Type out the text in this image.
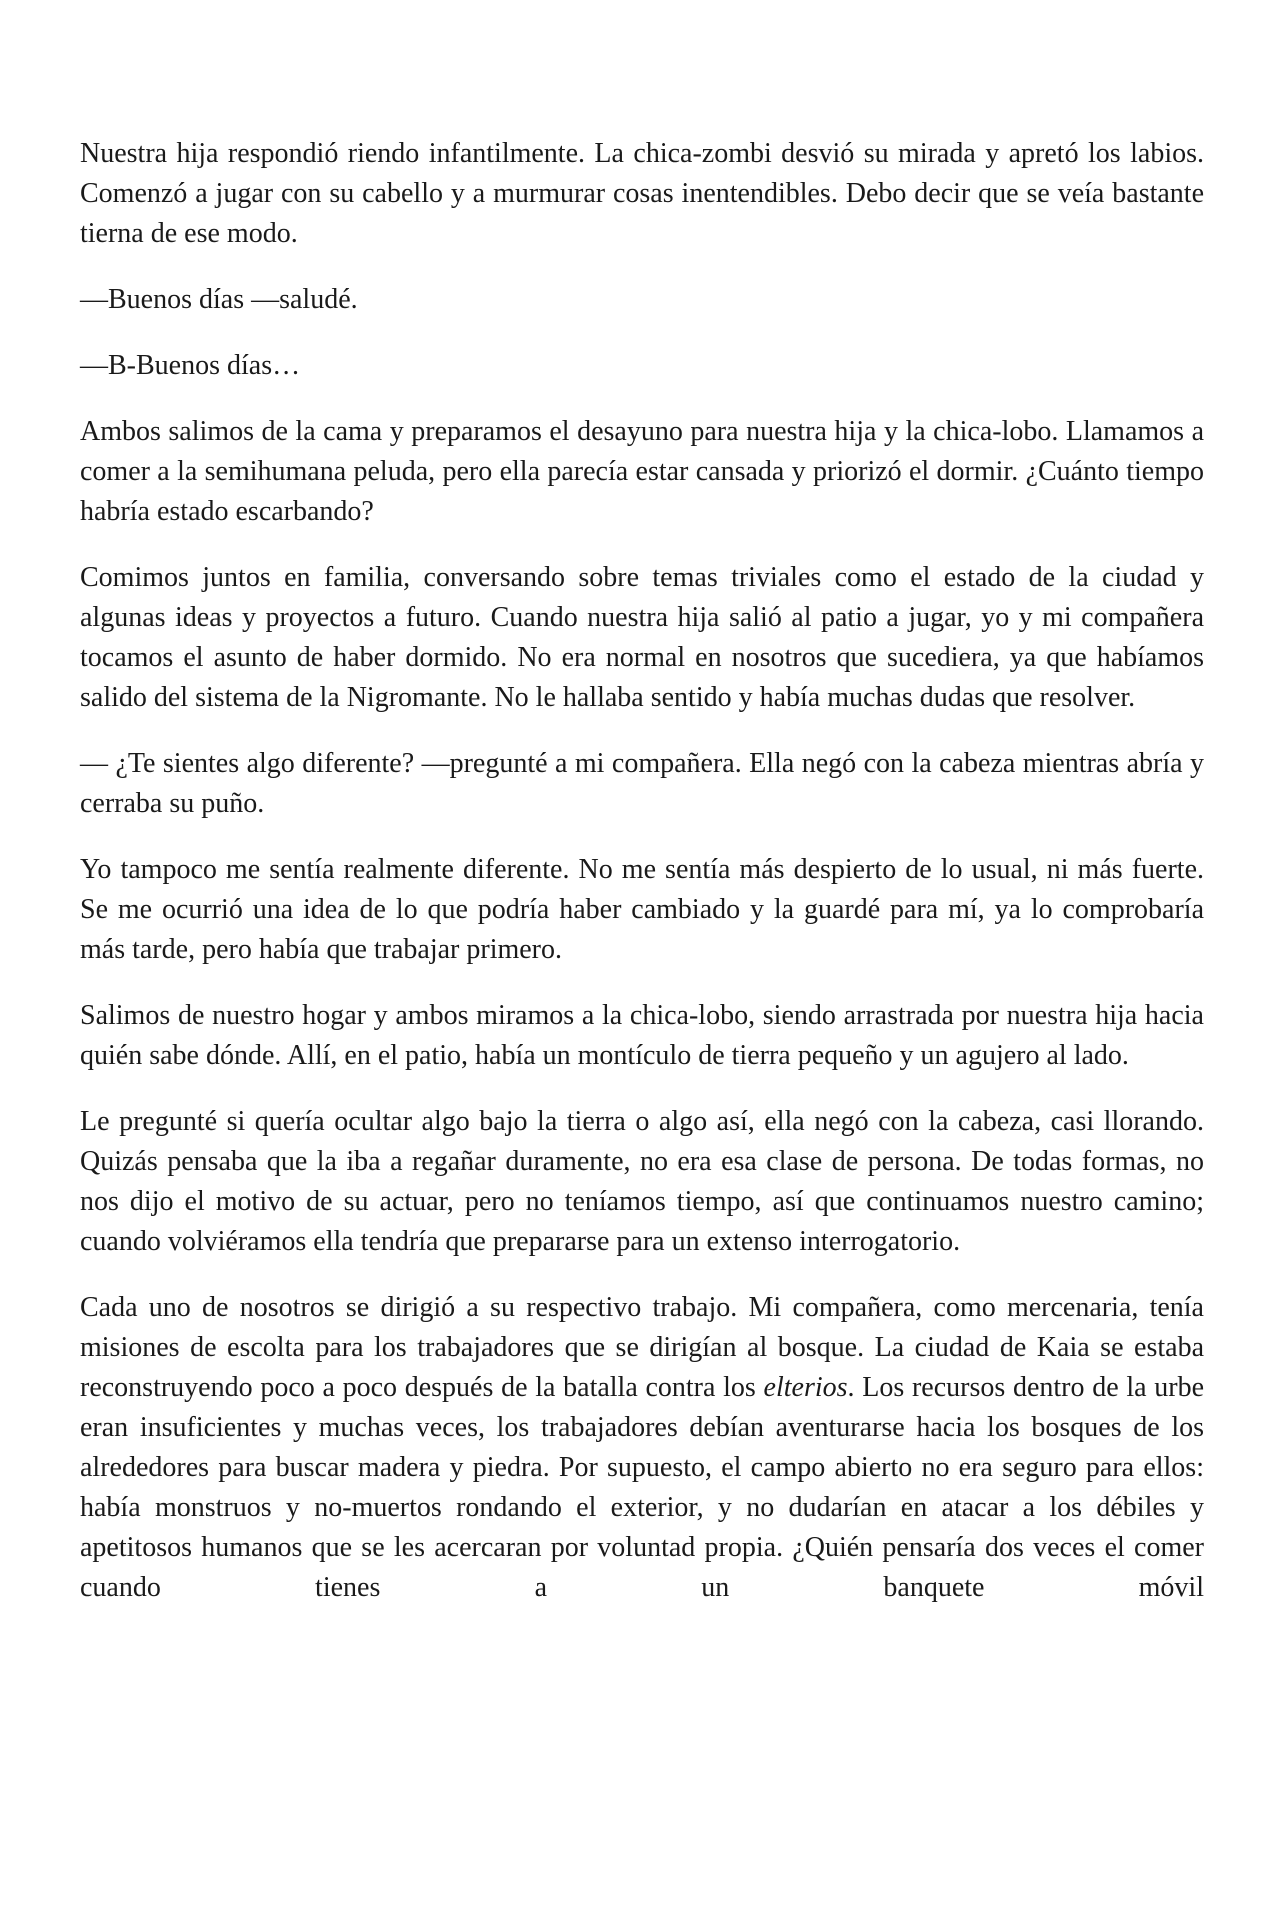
Nuestra hija respondió riendo infantilmente. La chica-zombi desvió su mirada y apretó los labios. Comenzó a jugar con su cabello y a murmurar cosas inentendibles. Debo decir que se veía bastante tierna de ese modo.

—Buenos días —saludé.

—B-Buenos días…

Ambos salimos de la cama y preparamos el desayuno para nuestra hija y la chica-lobo. Llamamos a comer a la semihumana peluda, pero ella parecía estar cansada y priorizó el dormir. ¿Cuánto tiempo habría estado escarbando?

Comimos juntos en familia, conversando sobre temas triviales como el estado de la ciudad y algunas ideas y proyectos a futuro. Cuando nuestra hija salió al patio a jugar, yo y mi compañera tocamos el asunto de haber dormido. No era normal en nosotros que sucediera, ya que habíamos salido del sistema de la Nigromante. No le hallaba sentido y había muchas dudas que resolver.

— ¿Te sientes algo diferente? —pregunté a mi compañera. Ella negó con la cabeza mientras abría y cerraba su puño.

Yo tampoco me sentía realmente diferente. No me sentía más despierto de lo usual, ni más fuerte. Se me ocurrió una idea de lo que podría haber cambiado y la guardé para mí, ya lo comprobaría más tarde, pero había que trabajar primero.

Salimos de nuestro hogar y ambos miramos a la chica-lobo, siendo arrastrada por nuestra hija hacia quién sabe dónde. Allí, en el patio, había un montículo de tierra pequeño y un agujero al lado.

Le pregunté si quería ocultar algo bajo la tierra o algo así, ella negó con la cabeza, casi llorando. Quizás pensaba que la iba a regañar duramente, no era esa clase de persona. De todas formas, no nos dijo el motivo de su actuar, pero no teníamos tiempo, así que continuamos nuestro camino; cuando volviéramos ella tendría que prepararse para un extenso interrogatorio.

Cada uno de nosotros se dirigió a su respectivo trabajo. Mi compañera, como mercenaria, tenía misiones de escolta para los trabajadores que se dirigían al bosque. La ciudad de Kaia se estaba reconstruyendo poco a poco después de la batalla contra los elterios. Los recursos dentro de la urbe eran insuficientes y muchas veces, los trabajadores debían aventurarse hacia los bosques de los alrededores para buscar madera y piedra. Por supuesto, el campo abierto no era seguro para ellos: había monstruos y no-muertos rondando el exterior, y no dudarían en atacar a los débiles y apetitosos humanos que se les acercaran por voluntad propia. ¿Quién pensaría dos veces el comer cuando tienes a un banquete móvil
